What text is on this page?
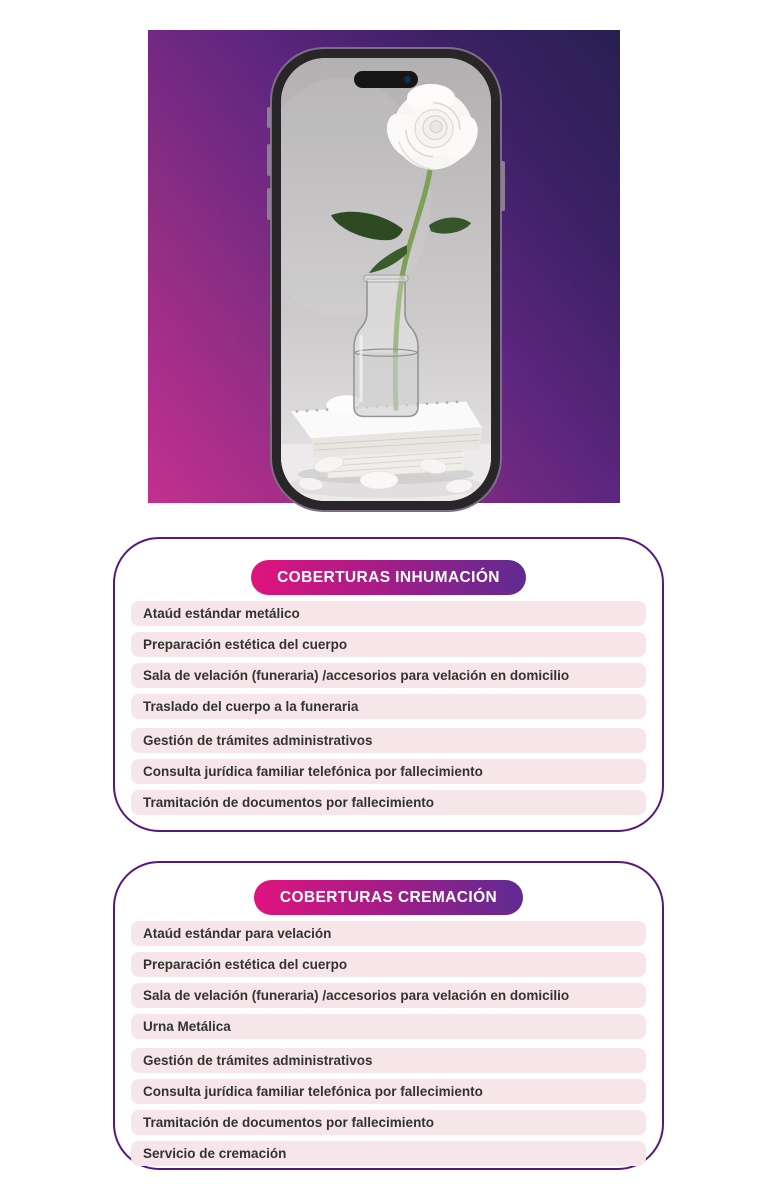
COBERTURAS INHUMACIÓN
Ataúd estándar metálico
Preparación estética del cuerpo
Sala de velación (funeraria) /accesorios para velación en domicilio
Traslado del cuerpo a la funeraria
Gestión de trámites administrativos
Consulta jurídica familiar telefónica por fallecimiento
Tramitación de documentos por fallecimiento
COBERTURAS CREMACIÓN
Ataúd estándar para velación
Preparación estética del cuerpo
Sala de velación (funeraria) /accesorios para velación en domicilio
Urna Metálica
Gestión de trámites administrativos
Consulta jurídica familiar telefónica por fallecimiento
Tramitación de documentos por fallecimiento
Servicio de cremación
